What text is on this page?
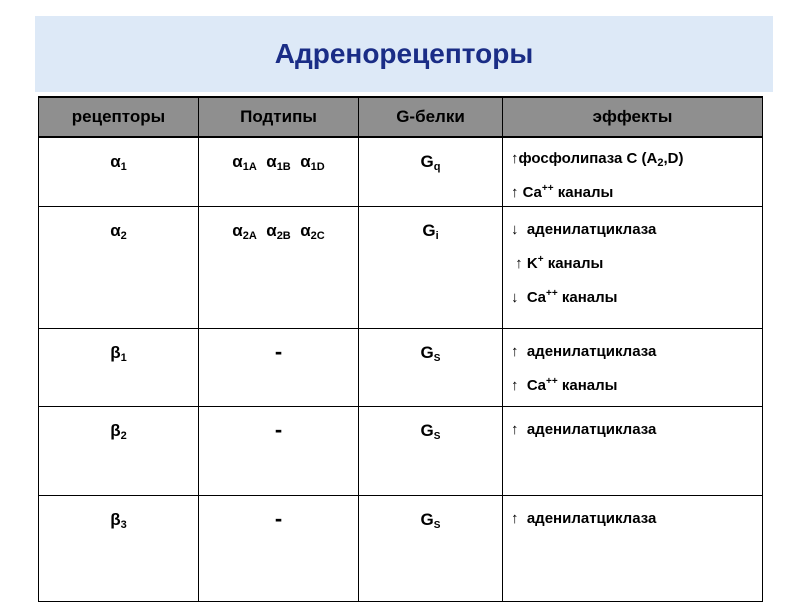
Адренорецепторы
рецепторы	Подтипы	G-белки	эффекты
$\alpha_1$	$\alpha_{1A}$ $\alpha_{1B}$ $\alpha_{1D}$	$G_q$	↑фосфолипаза C $(A_2,D)$
↑ Ca++ каналы

$\alpha_2$	$\alpha_{2A}$ $\alpha_{2B}$ $\alpha_{2C}$	$G_i$	↓ аденилатциклаза
↑ K+ каналы
↓ Ca++ каналы

$\beta_1$	-	$G_S$	↑ аденилатциклаза
↑ Ca++ каналы

$\beta_2$	-	$G_S$	↑ аденилатциклаза

$\beta_3$	-	$G_S$	↑ аденилатциклаза
